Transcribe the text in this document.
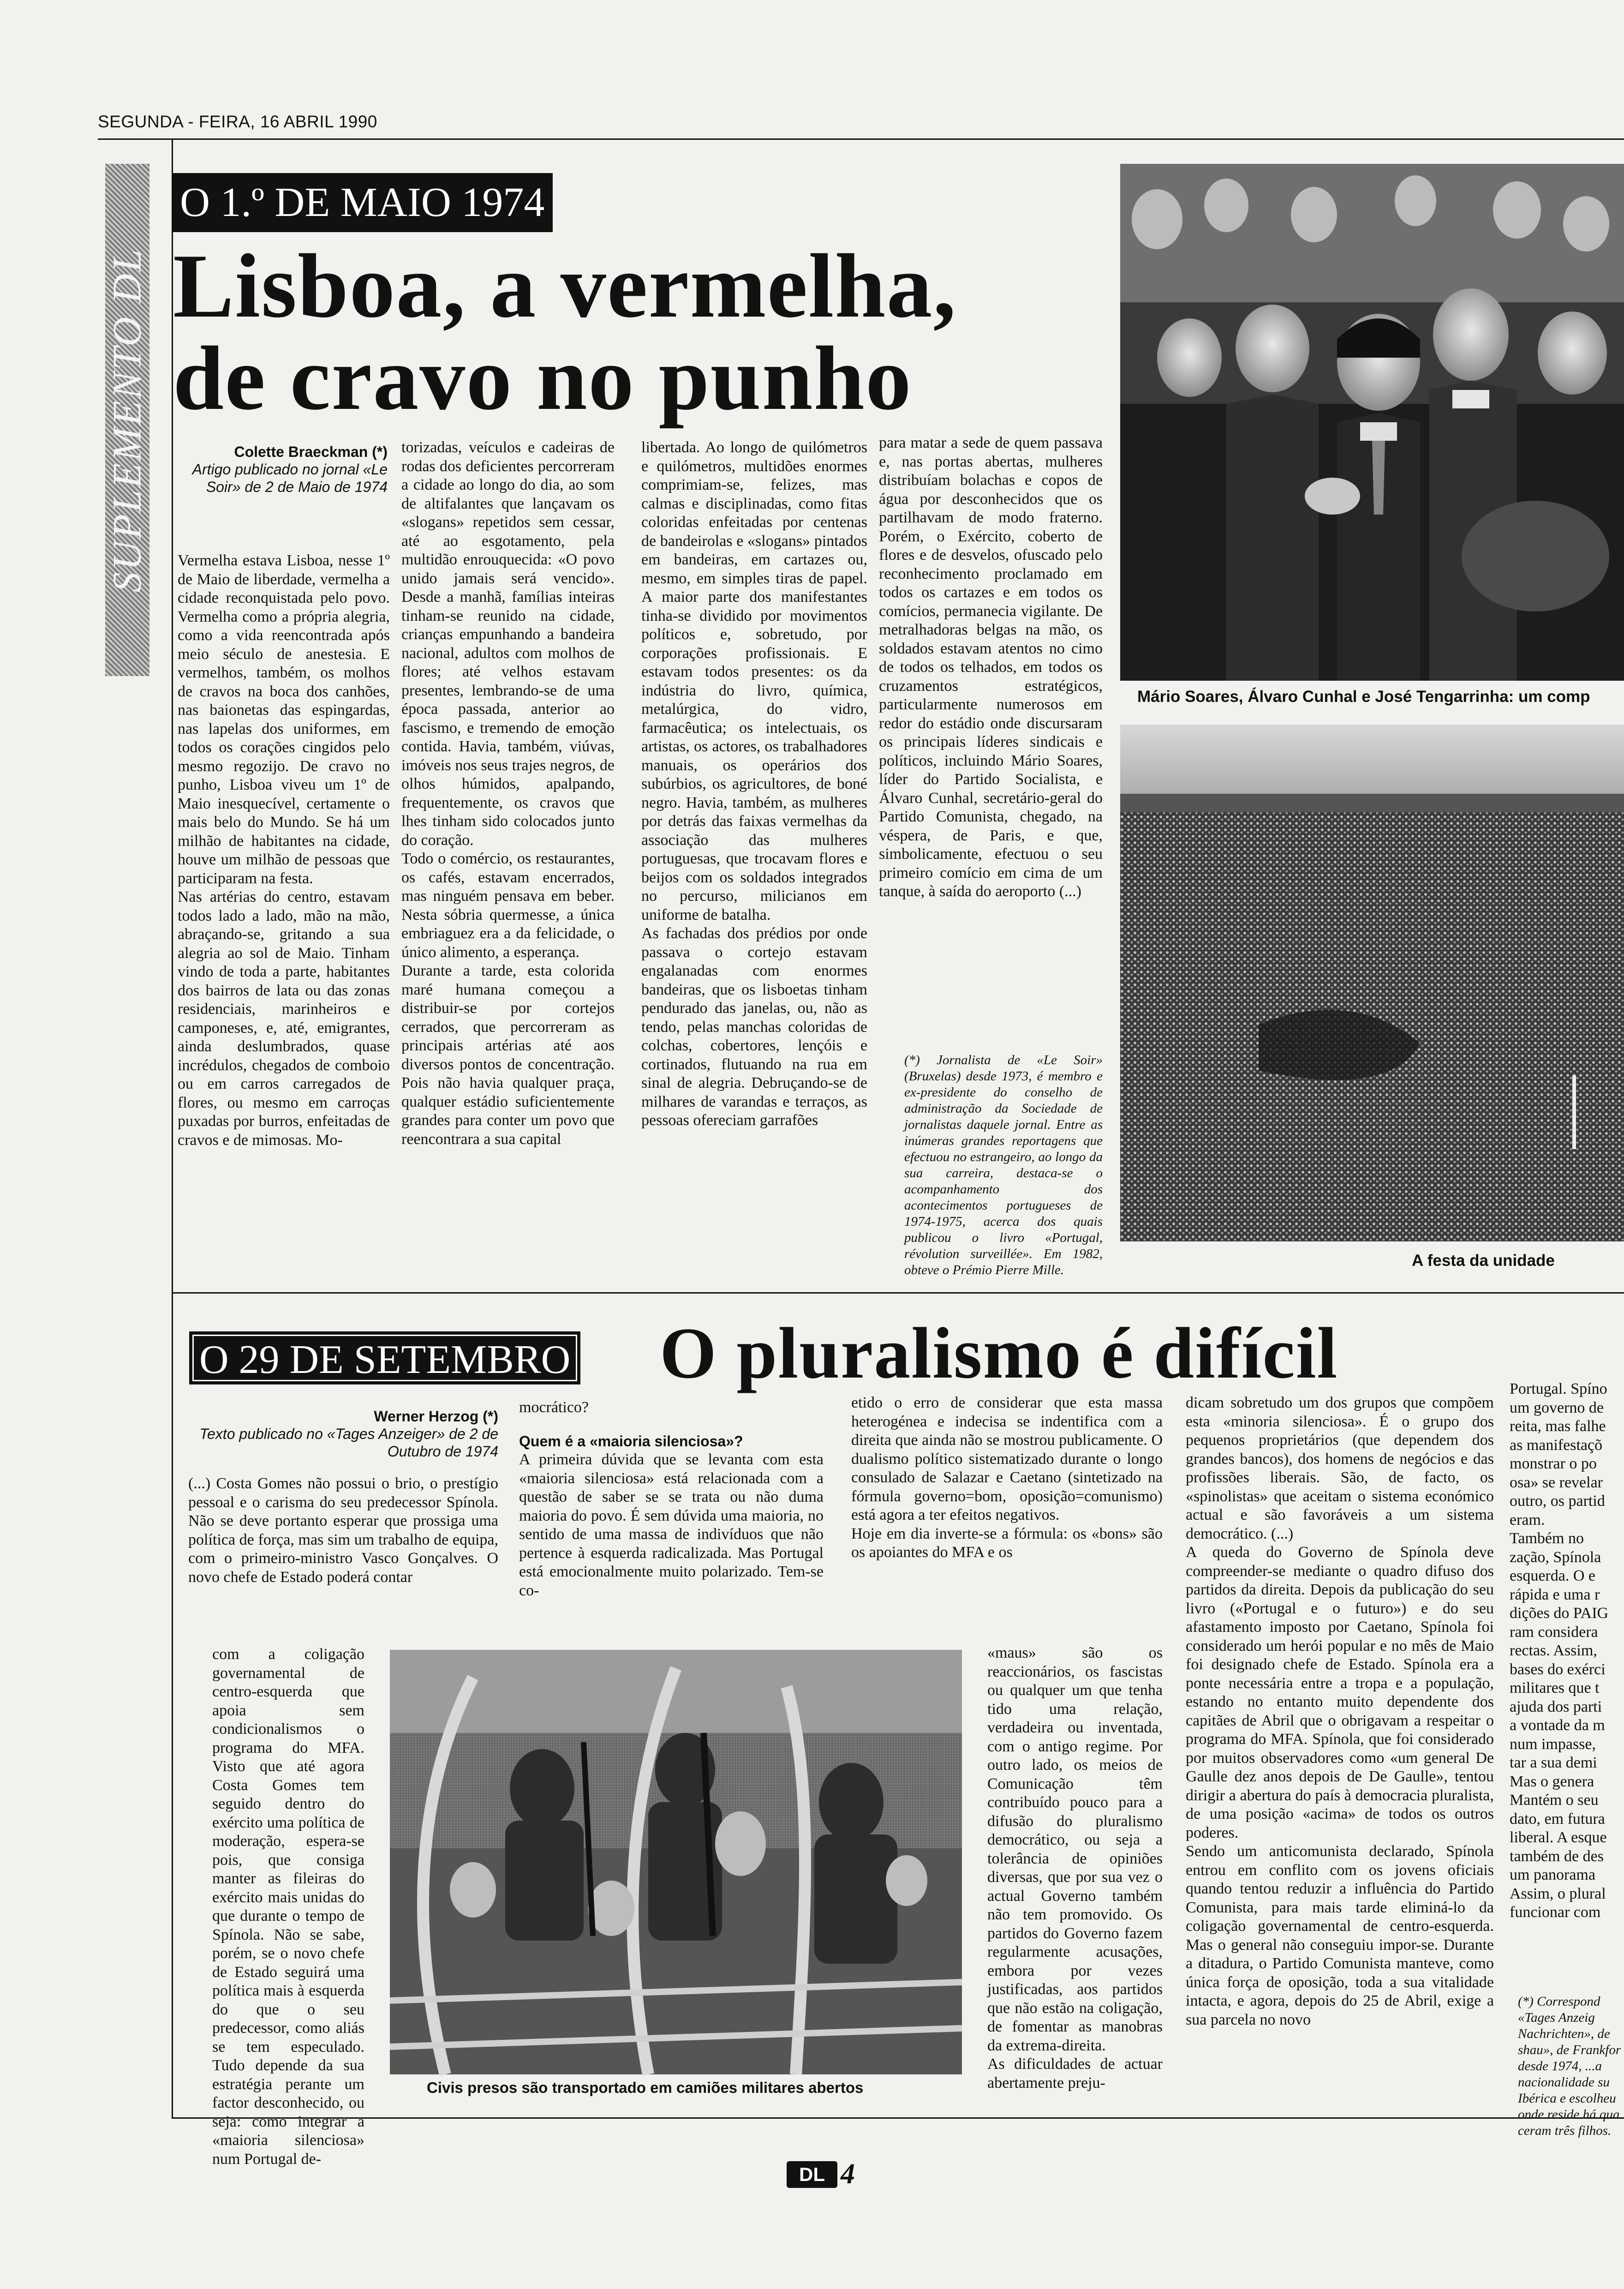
SEGUNDA - FEIRA, 16 ABRIL 1990
SUPLEMENTO DL
O 1.º DE MAIO 1974
Lisboa, a vermelha,
de cravo no punho
Colette Braeckman (*)
Artigo publicado no jornal «Le Soir» de 2 de Maio de 1974

Vermelha estava Lisboa, nesse 1º de Maio de liberdade, vermelha a cidade reconquistada pelo povo. Vermelha como a própria alegria, como a vida reencontrada após meio século de anestesia. E vermelhos, também, os molhos de cravos na boca dos canhões, nas baionetas das espingardas, nas lapelas dos uniformes, em todos os corações cingidos pelo mesmo regozijo. De cravo no punho, Lisboa viveu um 1º de Maio inesquecível, certamente o mais belo do Mundo. Se há um milhão de habitantes na cidade, houve um milhão de pessoas que participaram na festa.
Nas artérias do centro, estavam todos lado a lado, mão na mão, abraçando-se, gritando a sua alegria ao sol de Maio. Tinham vindo de toda a parte, habitantes dos bairros de lata ou das zonas residenciais, marinheiros e camponeses, e, até, emigrantes, ainda deslumbrados, quase incrédulos, chegados de comboio ou em carros carregados de flores, ou mesmo em carroças puxadas por burros, enfeitadas de cravos e de mimosas. Mo-

torizadas, veículos e cadeiras de rodas dos deficientes percorreram a cidade ao longo do dia, ao som de altifalantes que lançavam os «slogans» repetidos sem cessar, até ao esgotamento, pela multidão enrouquecida: «O povo unido jamais será vencido». Desde a manhã, famílias inteiras tinham-se reunido na cidade, crianças empunhando a bandeira nacional, adultos com molhos de flores; até velhos estavam presentes, lembrando-se de uma época passada, anterior ao fascismo, e tremendo de emoção contida. Havia, também, viúvas, imóveis nos seus trajes negros, de olhos húmidos, apalpando, frequentemente, os cravos que lhes tinham sido colocados junto do coração.
Todo o comércio, os restaurantes, os cafés, estavam encerrados, mas ninguém pensava em beber. Nesta sóbria quermesse, a única embriaguez era a da felicidade, o único alimento, a esperança.
Durante a tarde, esta colorida maré humana começou a distribuir-se por cortejos cerrados, que percorreram as principais artérias até aos diversos pontos de concentração. Pois não havia qualquer praça, qualquer estádio suficientemente grandes para conter um povo que reencontrara a sua capital

libertada. Ao longo de quilómetros e quilómetros, multidões enormes comprimiam-se, felizes, mas calmas e disciplinadas, como fitas coloridas enfeitadas por centenas de bandeirolas e «slogans» pintados em bandeiras, em cartazes ou, mesmo, em simples tiras de papel. A maior parte dos manifestantes tinha-se dividido por movimentos políticos e, sobretudo, por corporações profissionais. E estavam todos presentes: os da indústria do livro, química, metalúrgica, do vidro, farmacêutica; os intelectuais, os artistas, os actores, os trabalhadores manuais, os operários dos subúrbios, os agricultores, de boné negro. Havia, também, as mulheres por detrás das faixas vermelhas da associação das mulheres portuguesas, que trocavam flores e beijos com os soldados integrados no percurso, milicianos em uniforme de batalha.
As fachadas dos prédios por onde passava o cortejo estavam engalanadas com enormes bandeiras, que os lisboetas tinham pendurado das janelas, ou, não as tendo, pelas manchas coloridas de colchas, cobertores, lençóis e cortinados, flutuando na rua em sinal de alegria. Debruçando-se de milhares de varandas e terraços, as pessoas ofereciam garrafões

para matar a sede de quem passava e, nas portas abertas, mulheres distribuíam bolachas e copos de água por desconhecidos que os partilhavam de modo fraterno. Porém, o Exército, coberto de flores e de desvelos, ofuscado pelo reconhecimento proclamado em todos os cartazes e em todos os comícios, permanecia vigilante. De metralhadoras belgas na mão, os soldados estavam atentos no cimo de todos os telhados, em todos os cruzamentos estratégicos, particularmente numerosos em redor do estádio onde discursaram os principais líderes sindicais e políticos, incluindo Mário Soares, líder do Partido Socialista, e Álvaro Cunhal, secretário-geral do Partido Comunista, chegado, na véspera, de Paris, e que, simbolicamente, efectuou o seu primeiro comício em cima de um tanque, à saída do aeroporto (...)

(*) Jornalista de «Le Soir» (Bruxelas) desde 1973, é membro e ex-presidente do conselho de administração da Sociedade de jornalistas daquele jornal. Entre as inúmeras grandes reportagens que efectuou no estrangeiro, ao longo da sua carreira, destaca-se o acompanhamento dos acontecimentos portugueses de 1974-1975, acerca dos quais publicou o livro «Portugal, révolution surveillée». Em 1982, obteve o Prémio Pierre Mille.

Mário Soares, Álvaro Cunhal e José Tengarrinha: um comp
A festa da unidade
O 29 DE SETEMBRO O pluralismo é difícil
Werner Herzog (*)
Texto publicado no «Tages Anzeiger» de 2 de Outubro de 1974

(...) Costa Gomes não possui o brio, o prestígio pessoal e o carisma do seu predecessor Spínola. Não se deve portanto esperar que prossiga uma política de força, mas sim um trabalho de equipa, com o primeiro-ministro Vasco Gonçalves. O novo chefe de Estado poderá contar

com a coligação governamental de centro-esquerda que apoia sem condicionalismos o programa do MFA. Visto que até agora Costa Gomes tem seguido dentro do exército uma política de moderação, espera-se pois, que consiga manter as fileiras do exército mais unidas do que durante o tempo de Spínola. Não se sabe, porém, se o novo chefe de Estado seguirá uma política mais à esquerda do que o seu predecessor, como aliás se tem especulado. Tudo depende da sua estratégia perante um factor desconhecido, ou seja: como integrar a «maioria silenciosa» num Portugal de-

mocrático?

Quem é a «maioria silenciosa»?

A primeira dúvida que se levanta com esta «maioria silenciosa» está relacionada com a questão de saber se se trata ou não duma maioria do povo. É sem dúvida uma maioria, no sentido de uma massa de indivíduos que não pertence à esquerda radicalizada. Mas Portugal está emocionalmente muito polarizado. Tem-se co-

etido o erro de considerar que esta massa heterogénea e indecisa se indentifica com a direita que ainda não se mostrou publicamente. O dualismo político sistematizado durante o longo consulado de Salazar e Caetano (sintetizado na fórmula governo=bom, oposição=comunismo) está agora a ter efeitos negativos.
Hoje em dia inverte-se a fórmula: os «bons» são os apoiantes do MFA e os

«maus» são os reaccionários, os fascistas ou qualquer um que tenha tido uma relação, verdadeira ou inventada, com o antigo regime. Por outro lado, os meios de Comunicação têm contribuído pouco para a difusão do pluralismo democrático, ou seja a tolerância de opiniões diversas, que por sua vez o actual Governo também não tem promovido. Os partidos do Governo fazem regularmente acusações, embora por vezes justificadas, aos partidos que não estão na coligação, de fomentar as manobras da extrema-direita.
As dificuldades de actuar abertamente preju-

dicam sobretudo um dos grupos que compõem esta «minoria silenciosa». É o grupo dos pequenos proprietários (que dependem dos grandes bancos), dos homens de negócios e das profissões liberais. São, de facto, os «spinolistas» que aceitam o sistema económico actual e são favoráveis a um sistema democrático. (...)
A queda do Governo de Spínola deve compreender-se mediante o quadro difuso dos partidos da direita. Depois da publicação do seu livro («Portugal e o futuro») e do seu afastamento imposto por Caetano, Spínola foi considerado um herói popular e no mês de Maio foi designado chefe de Estado. Spínola era a ponte necessária entre a tropa e a população, estando no entanto muito dependente dos capitães de Abril que o obrigavam a respeitar o programa do MFA. Spínola, que foi considerado por muitos observadores como «um general De Gaulle dez anos depois de De Gaulle», tentou dirigir a abertura do país à democracia pluralista, de uma posição «acima» de todos os outros poderes.
Sendo um anticomunista declarado, Spínola entrou em conflito com os jovens oficiais quando tentou reduzir a influência do Partido Comunista, para mais tarde eliminá-lo da coligação governamental de centro-esquerda. Mas o general não conseguiu impor-se. Durante a ditadura, o Partido Comunista manteve, como única força de oposição, toda a sua vitalidade intacta, e agora, depois do 25 de Abril, exige a sua parcela no novo

Portugal. Spíno
um governo de
reita, mas falhe
as manifestaçõ
monstrar o po
osa» se revelar
outro, os partid
eram.
Também no
zação, Spínola
esquerda. O e
rápida e uma r
dições do PAIG
ram considera
rectas. Assim,
bases do exérci
militares que t
ajuda dos parti
a vontade da m
num impasse,
tar a sua demi
Mas o genera
Mantém o seu
dato, em futura
liberal. A esque
também de des
um panorama
Assim, o plural
funcionar com

(*) Correspond
«Tages Anzeig
Nachrichten», de
shau», de Frankfor
desde 1974, ...a
nacionalidade su
Ibérica e escolheu
onde reside há qua
ceram três filhos.

Civis presos são transportado em camiões militares abertos
DL 4
